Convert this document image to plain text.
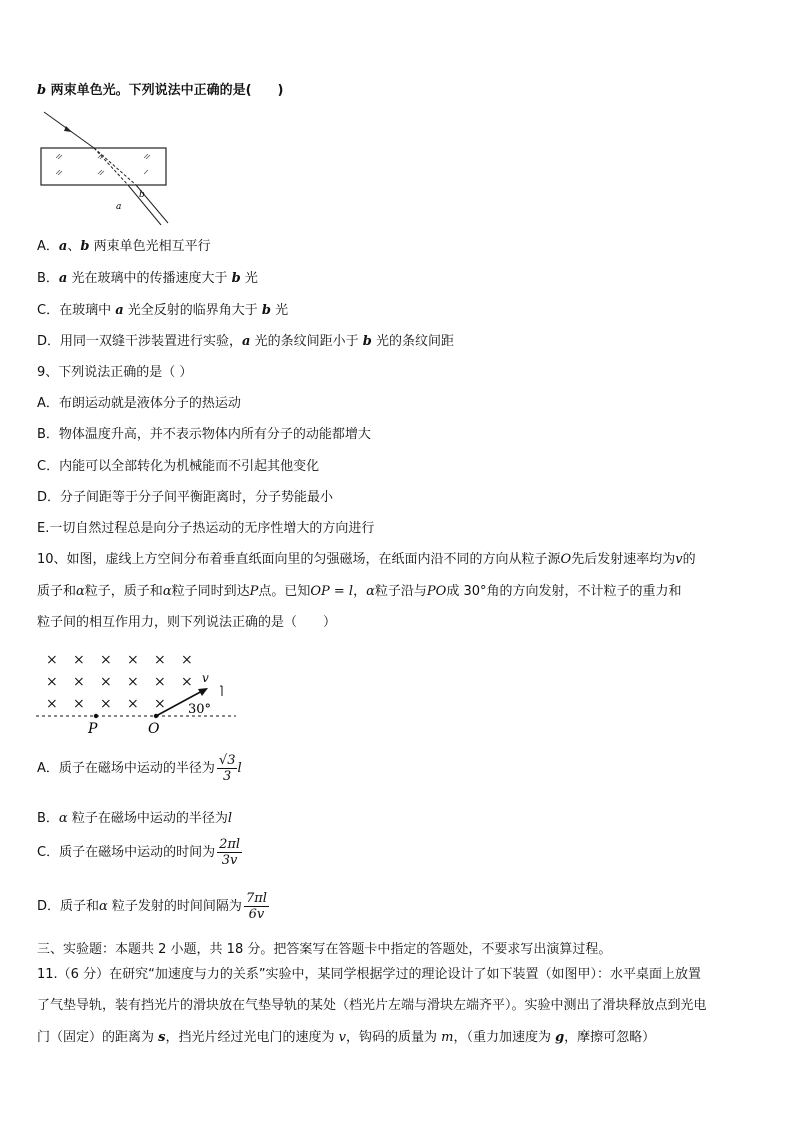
b 两束单色光。下列说法中正确的是(　　)
a
b
A．a、b 两束单色光相互平行
B．a 光在玻璃中的传播速度大于 b 光
C．在玻璃中 a 光全反射的临界角大于 b 光
D．用同一双缝干涉装置进行实验，a 光的条纹间距小于 b 光的条纹间距
9、下列说法正确的是（ ）
A．布朗运动就是液体分子的热运动
B．物体温度升高，并不表示物体内所有分子的动能都增大
C．内能可以全部转化为机械能而不引起其他变化
D．分子间距等于分子间平衡距离时，分子势能最小
E.一切自然过程总是向分子热运动的无序性增大的方向进行
10、如图，虚线上方空间分布着垂直纸面向里的匀强磁场，在纸面内沿不同的方向从粒子源O先后发射速率均为v的
质子和α粒子，质子和α粒子同时到达P点。已知OP = l，α粒子沿与PO成 30°角的方向发射，不计粒子的重力和
粒子间的相互作用力，则下列说法正确的是（　　）
× × × × × ×
× × × × × ×
× × × × ×
v
30°
P	O
A．质子在磁场中运动的半径为 $\frac{√3}{3}$ l
B．α 粒子在磁场中运动的半径为l
C．质子在磁场中运动的时间为 $\frac{2\pi l}{3v}$
D．质子和α 粒子发射的时间间隔为 $\frac{7\pi l}{6v}$
三、实验题：本题共 2 小题，共 18 分。把答案写在答题卡中指定的答题处，不要求写出演算过程。
11.（6 分）在研究“加速度与力的关系”实验中，某同学根据学过的理论设计了如下装置（如图甲）：水平桌面上放置
了气垫导轨，装有挡光片的滑块放在气垫导轨的某处（档光片左端与滑块左端齐平）。实验中测出了滑块释放点到光电
门（固定）的距离为 s，挡光片经过光电门的速度为 v，钩码的质量为 m，（重力加速度为 g，摩擦可忽略）
